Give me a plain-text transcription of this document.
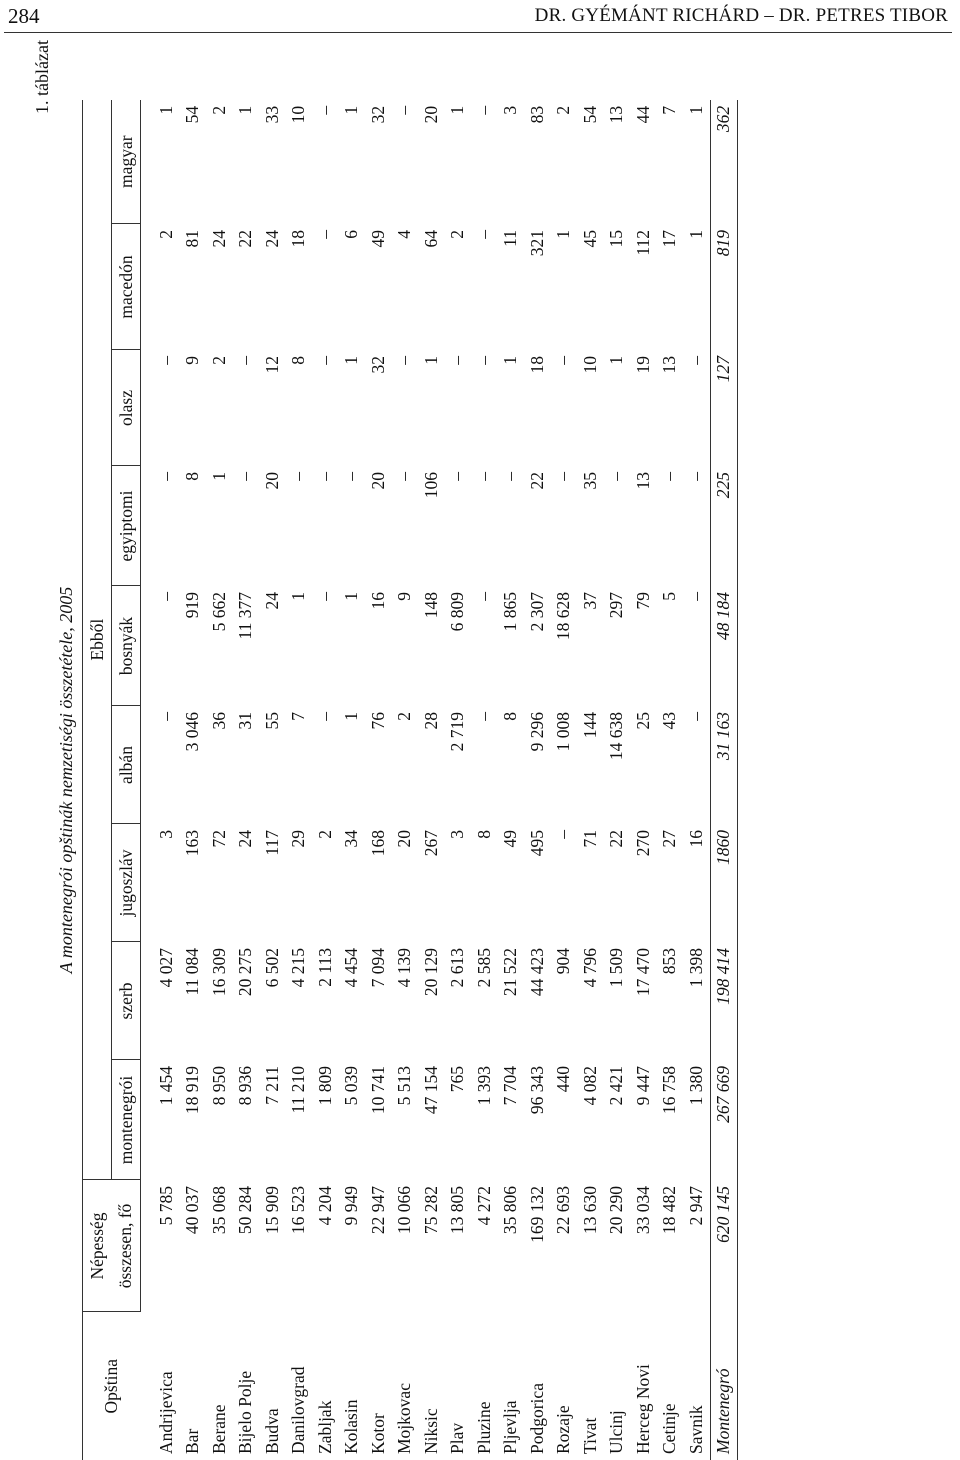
284	DR. GYÉMÁNT RICHÁRD – DR. PETRES TIBOR
1. táblázat
A montenegrói opštinák nemzetiségi összetétele, 2005
Opština	Népesség	Ebből								
	összesen, fő	montenegrói	szerb	jugoszláv	albán	bosnyák	egyiptomi	olasz	macedón	magyar
Andrijevica	5 785	1 454	4 027	3	–	–	–	–	2	1
Bar	40 037	18 919	11 084	163	3 046	919	8	9	81	54
Berane	35 068	8 950	16 309	72	36	5 662	1	2	24	2
Bijelo Polje	50 284	8 936	20 275	24	31	11 377	–	–	22	1
Budva	15 909	7 211	6 502	117	55	24	20	12	24	33
Danilovgrad	16 523	11 210	4 215	29	7	1	–	8	18	10
Zabljak	4 204	1 809	2 113	2	–	–	–	–	–	–
Kolasin	9 949	5 039	4 454	34	1	1	–	1	6	1
Kotor	22 947	10 741	7 094	168	76	16	20	32	49	32
Mojkovac	10 066	5 513	4 139	20	2	9	–	–	4	–
Niksic	75 282	47 154	20 129	267	28	148	106	1	64	20
Plav	13 805	765	2 613	3	2 719	6 809	–	–	2	1
Pluzine	4 272	1 393	2 585	8	–	–	–	–	–	–
Pljevlja	35 806	7 704	21 522	49	8	1 865	–	1	11	3
Podgorica	169 132	96 343	44 423	495	9 296	2 307	22	18	321	83
Rozaje	22 693	440	904	–	1 008	18 628	–	–	1	2
Tivat	13 630	4 082	4 796	71	144	37	35	10	45	54
Ulcinj	20 290	2 421	1 509	22	14 638	297	–	1	15	13
Herceg Novi	33 034	9 447	17 470	270	25	79	13	19	112	44
Cetinje	18 482	16 758	853	27	43	5	–	13	17	7
Savnik	2 947	1 380	1 398	16	–	–	–	–	1	1
Montenegró	620 145	267 669	198 414	1860	31 163	48 184	225	127	819	362
